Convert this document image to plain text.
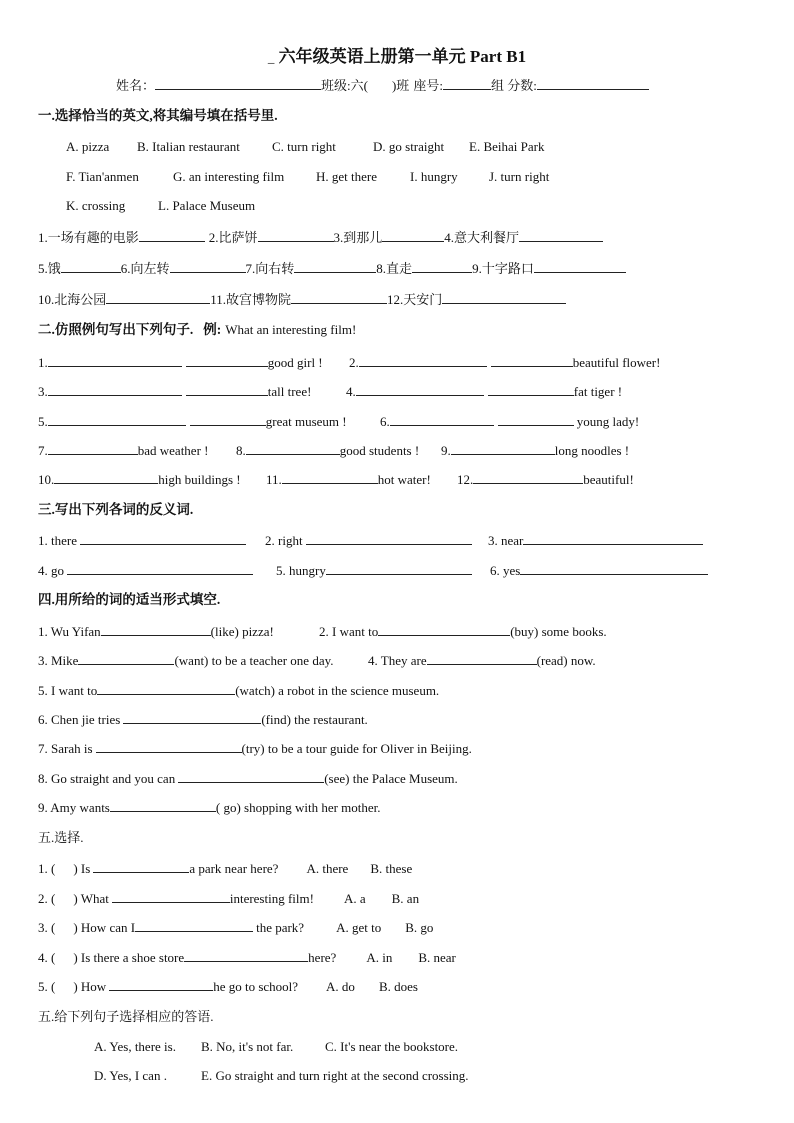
_ 六年级英语上册第一单元 Part B1
姓名：	班级:六( )班 座号:	组 分数:
一.选择恰当的英文,将其编号填在括号里.
A. pizza B. Italian restaurant C. turn right	D. go straight E. Beihai Park
F. Tian'anmen	G. an interesting film H. get there	I. hungry J. turn right
K. crossing	L. Palace Museum
1.一场有趣的电影	2.比萨饼	3.到那儿	4.意大利餐厅
5.饿	6.向左转	7.向右转	8.直走	9.十字路口
10.北海公园	11.故宫博物院	12.天安门
二.仿照例句写出下列句子. 例: What an interesting film!
1.	good girl ! 2.	beautiful flower!
3.	tall tree!	4.	fat tiger !
5.	great museum !	6.	young lady!
7.	bad weather ! 8.	good students ! 9.	long noodles !
10.	high buildings ! 11.	hot water! 12.	beautiful!
三.写出下列各词的反义词.
1. there	2. right	3. near
4. go	5. hungry	6. yes
四.用所给的词的适当形式填空.
1. Wu Yifan	(like) pizza!	2. I want to	(buy) some books.
3. Mike	(want) to be a teacher one day.	4. They are	(read) now.
5. I want to	(watch) a robot in the science museum.
6. Chen jie tries	(find) the restaurant.
7. Sarah is	(try) to be a tour guide for Oliver in Beijing.
8. Go straight and you can	(see) the Palace Museum.
9. Amy wants	( go) shopping with her mother.
五.选择.
1. ( ) Is	a park near here? A. there B. these
2. ( ) What	interesting film! A. a B. an
3. ( ) How can I	the park? A. get to B. go
4. ( ) Is there a shoe store	here? A. in B. near
5. ( ) How	he go to school? A. do B. does
五.给下列句子选择相应的答语.
A. Yes, there is. B. No, it's not far. C. It's near the bookstore.
D. Yes, I can .	E. Go straight and turn right at the second crossing.
